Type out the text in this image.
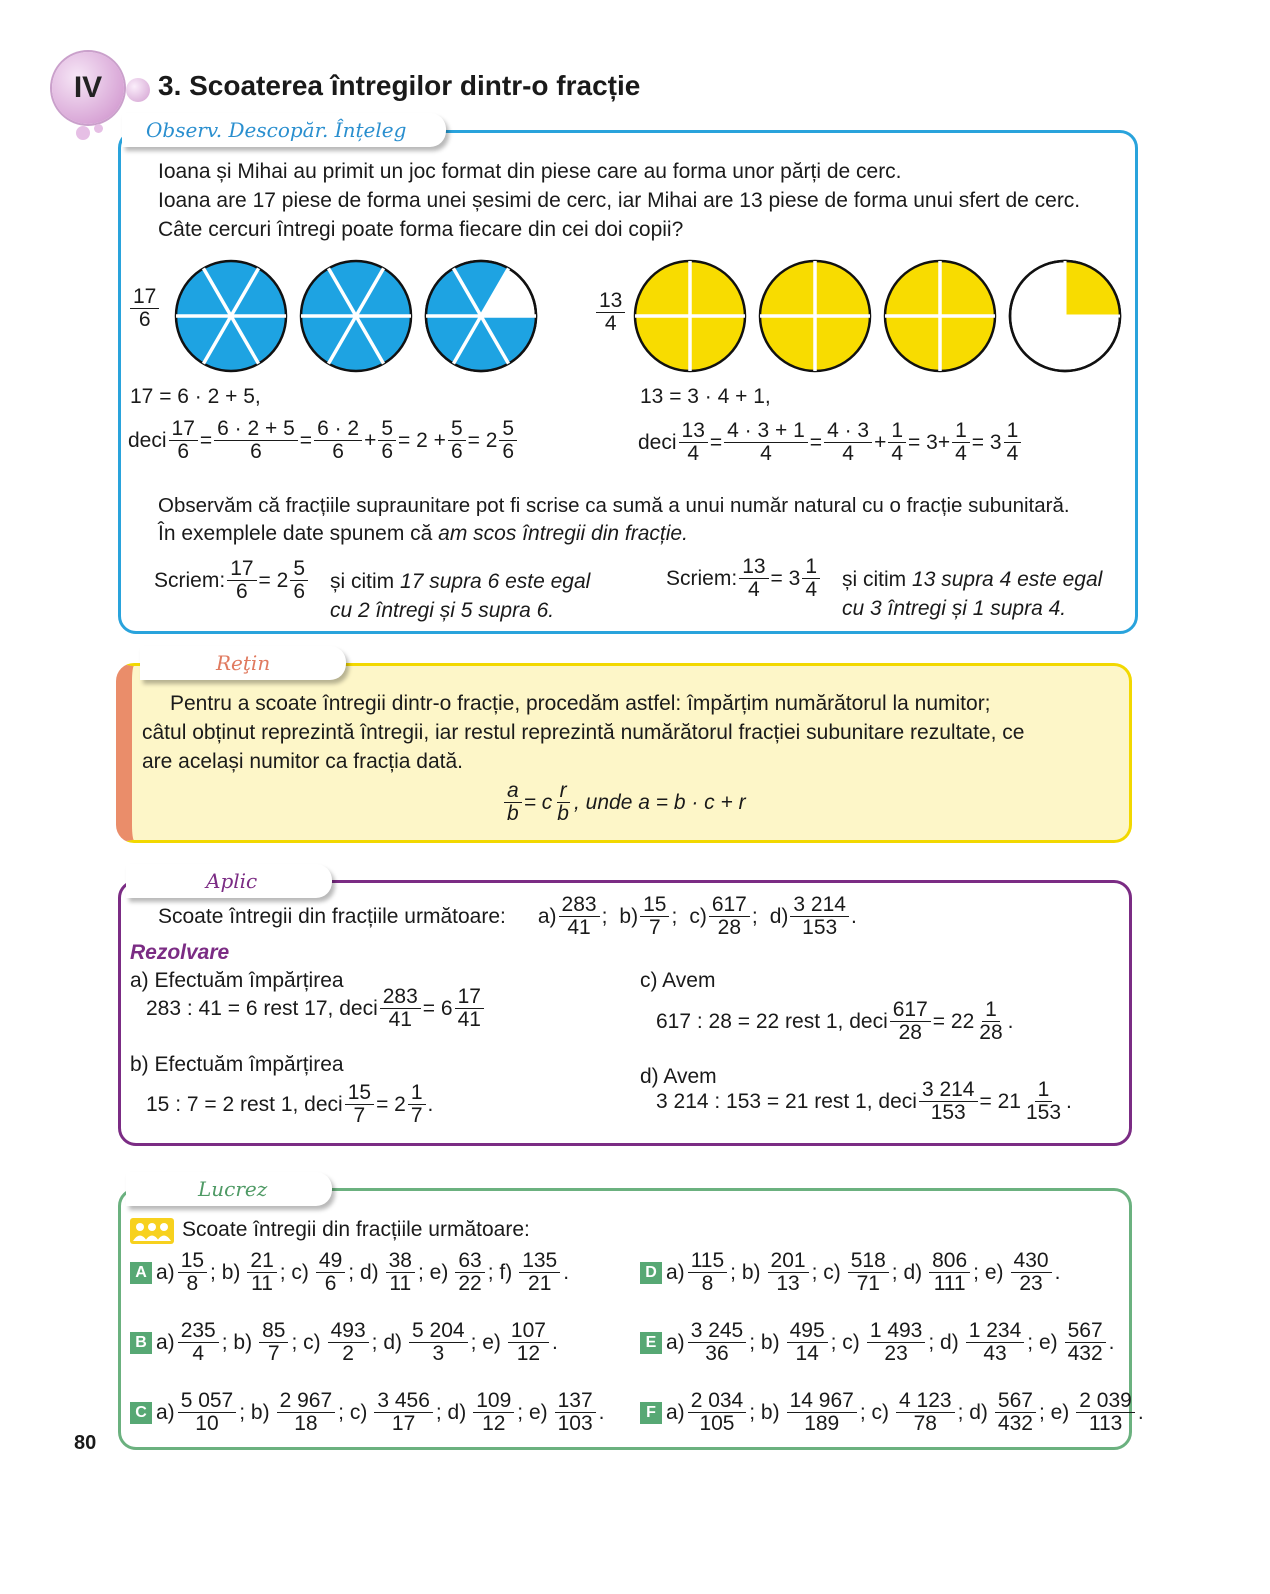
IV 3. Scoaterea întregilor dintr-o fracție
Observ. Descopăr. Înțeleg
Ioana și Mihai au primit un joc format din piese care au forma unor părți de cerc.
Ioana are 17 piese de forma unei șesimi de cerc, iar Mihai are 13 piese de forma unui sfert de cerc.
Câte cercuri întregi poate forma fiecare din cei doi copii?
$\frac{17}{6}$	$\frac{13}{4}$
17 = 6 · 2 + 5,
deci $\frac{17}{6} = \frac{6 \cdot 2 + 5}{6} = \frac{6 \cdot 2}{6} + \frac{5}{6} = 2 + \frac{5}{6} = 2 \frac{5}{6}$
13 = 3 · 4 + 1,
deci $\frac{13}{4} = \frac{4 \cdot 3 + 1}{4} = \frac{4 \cdot 3}{4} + \frac{1}{4} = 3+ \frac{1}{4} = 3 \frac{1}{4}$
Observăm că fracțiile supraunitare pot fi scrise ca sumă a unui număr natural cu o fracție subunitară.
În exemplele date spunem că am scos întregii din fracție.
Scriem: $\frac{17}{6} = 2 \frac{5}{6}$ și citim 17 supra 6 este egal
cu 2 întregi și 5 supra 6.
Scriem: $\frac{13}{4} = 3 \frac{1}{4}$ și citim 13 supra 4 este egal
cu 3 întregi și 1 supra 4.
Reţin
Pentru a scoate întregii dintr-o fracție, procedăm astfel: împărțim numărătorul la numitor;
câtul obținut reprezintă întregii, iar restul reprezintă numărătorul fracției subunitare rezultate, ce
are același numitor ca fracția dată.
$\frac{a}{b} = c \frac{r}{b}$ , unde a = b · c + r
Aplic
Scoate întregii din fracțiile următoare: $a) \frac{283}{41}$ ; $b) \frac{15}{7}$ ; $c) \frac{617}{28}$ ; $d) \frac{3 214}{153}$ .
Rezolvare
a) Efectuăm împărțirea
283 : 41 = 6 rest 17, deci $\frac{283}{41} = 6 \frac{17}{41}$
b) Efectuăm împărțirea
15 : 7 = 2 rest 1, deci $\frac{15}{7} = 2 \frac{1}{7}$ .
c) Avem
617 : 28 = 22 rest 1, deci $\frac{617}{28} = 22 \frac{1}{28}$ .
d) Avem
3 214 : 153 = 21 rest 1, deci $\frac{3 214}{153} = 21 \frac{1}{153}$ .
Lucrez
Scoate întregii din fracțiile următoare:
A $a) \frac{15}{8}$ ; $b) \frac{21}{11}$ ; $c) \frac{49}{6}$ ; $d) \frac{38}{11}$ ; $e) \frac{63}{22}$ ; $f) \frac{135}{21}$ .
B $a) \frac{235}{4}$ ; $b) \frac{85}{7}$ ; $c) \frac{493}{2}$ ; $d) \frac{5 204}{3}$ ; $e) \frac{107}{12}$ .
C $a) \frac{5 057}{10}$ ; $b) \frac{2 967}{18}$ ; $c) \frac{3 456}{17}$ ; $d) \frac{109}{12}$ ; $e) \frac{137}{103}$ .
D $a) \frac{115}{8}$ ; $b) \frac{201}{13}$ ; $c) \frac{518}{71}$ ; $d) \frac{806}{111}$ ; $e) \frac{430}{23}$ .
E $a) \frac{3 245}{36}$ ; $b) \frac{495}{14}$ ; $c) \frac{1 493}{23}$ ; $d) \frac{1 234}{43}$ ; $e) \frac{567}{432}$ .
F $a) \frac{2 034}{105}$ ; $b) \frac{14 967}{189}$ ; $c) \frac{4 123}{78}$ ; $d) \frac{567}{432}$ ; $e) \frac{2 039}{113}$ .
80
